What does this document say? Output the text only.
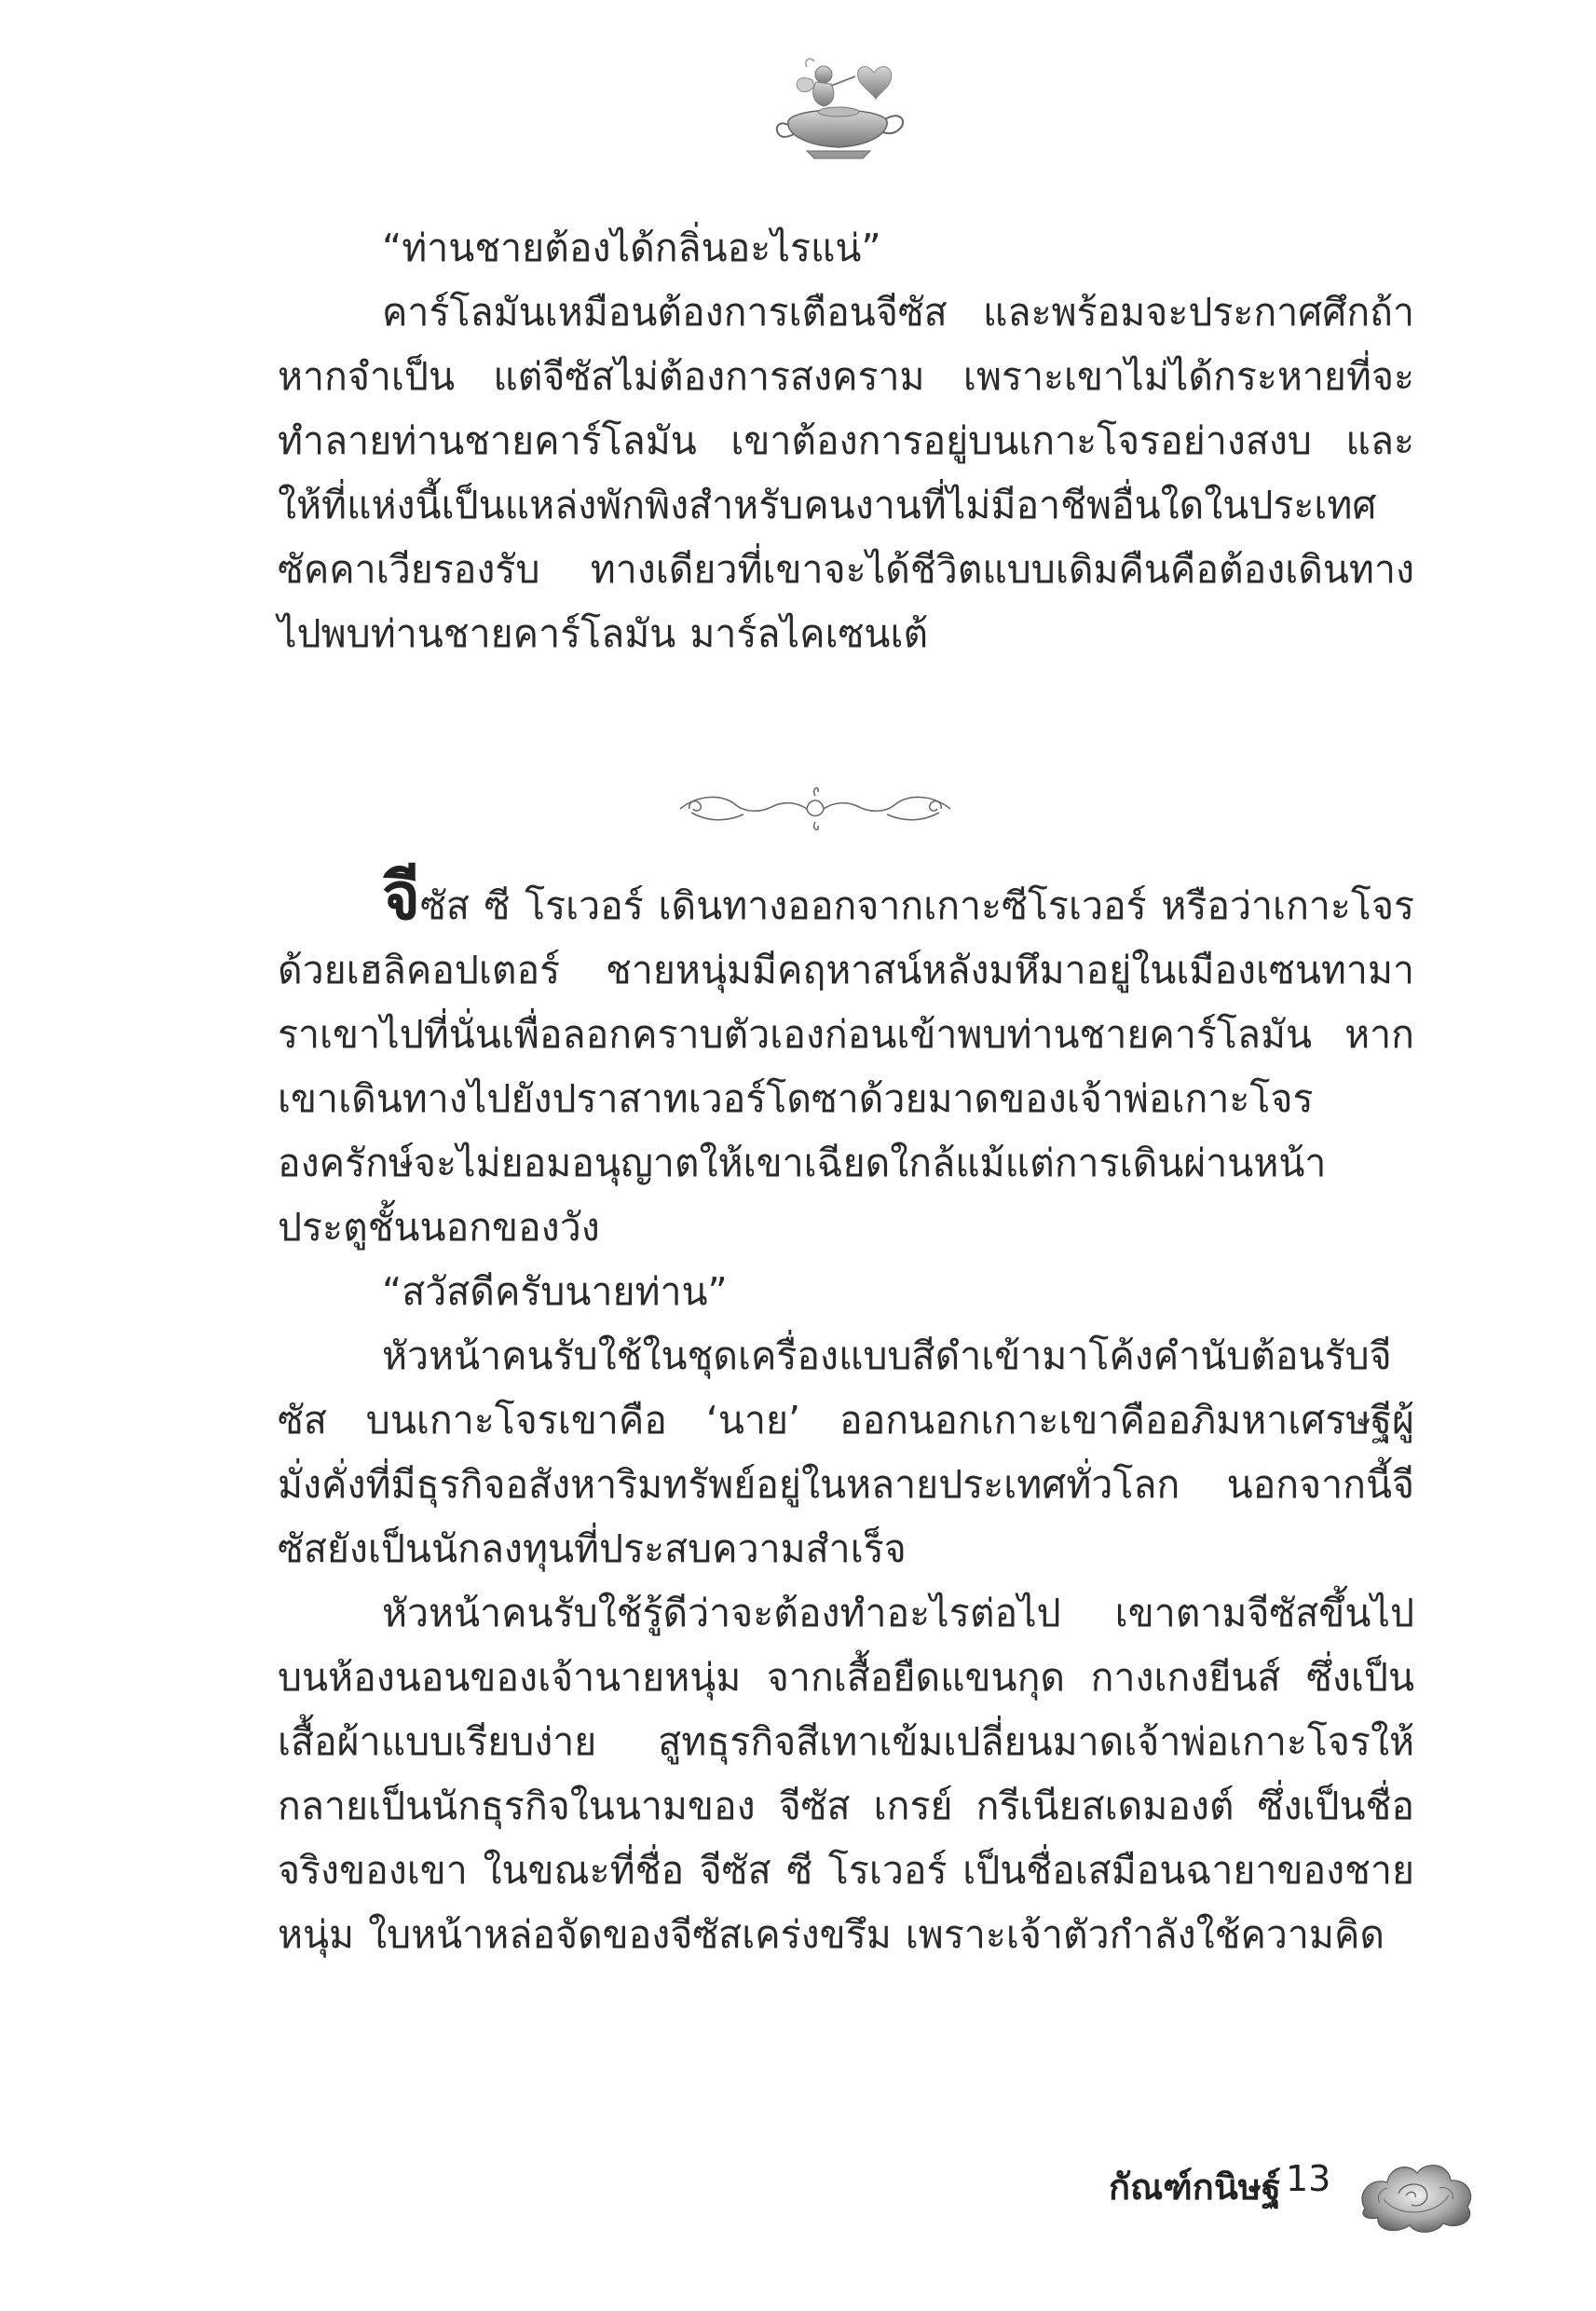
“ท่านชายต้องได้กลิ่นอะไรแน่”

คาร์โลมันเหมือนต้องการเตือนจีซัส และพร้อมจะประกาศศึกถ้าหากจำเป็น แต่จีซัสไม่ต้องการสงคราม เพราะเขาไม่ได้กระหายที่จะทำลายท่านชายคาร์โลมัน เขาต้องการอยู่บนเกาะโจรอย่างสงบ และให้ที่แห่งนี้เป็นแหล่งพักพิงสำหรับคนงานที่ไม่มีอาชีพอื่นใดในประเทศซัคคาเวียรองรับ ทางเดียวที่เขาจะได้ชีวิตแบบเดิมคืนคือต้องเดินทางไปพบท่านชายคาร์โลมัน มาร์ลไคเซนเต้

จีซัส ซี โรเวอร์ เดินทางออกจากเกาะซีโรเวอร์ หรือว่าเกาะโจรด้วยเฮลิคอปเตอร์ ชายหนุ่มมีคฤหาสน์หลังมหึมาอยู่ในเมืองเซนทามาราเขาไปที่นั่นเพื่อลอกคราบตัวเองก่อนเข้าพบท่านชายคาร์โลมัน หากเขาเดินทางไปยังปราสาทเวอร์โดซาด้วยมาดของเจ้าพ่อเกาะโจร องครักษ์จะไม่ยอมอนุญาตให้เขาเฉียดใกล้แม้แต่การเดินผ่านหน้าประตูชั้นนอกของวัง

“สวัสดีครับนายท่าน”

หัวหน้าคนรับใช้ในชุดเครื่องแบบสีดำเข้ามาโค้งคำนับต้อนรับจีซัส บนเกาะโจรเขาคือ ‘นาย’ ออกนอกเกาะเขาคืออภิมหาเศรษฐีผู้มั่งคั่งที่มีธุรกิจอสังหาริมทรัพย์อยู่ในหลายประเทศทั่วโลก นอกจากนี้จีซัสยังเป็นนักลงทุนที่ประสบความสำเร็จ

หัวหน้าคนรับใช้รู้ดีว่าจะต้องทำอะไรต่อไป เขาตามจีซัสขึ้นไปบนห้องนอนของเจ้านายหนุ่ม จากเสื้อยืดแขนกุด กางเกงยีนส์ ซึ่งเป็นเสื้อผ้าแบบเรียบง่าย สูทธุรกิจสีเทาเข้มเปลี่ยนมาดเจ้าพ่อเกาะโจรให้กลายเป็นนักธุรกิจในนามของ จีซัส เกรย์ กรีเนียสเดมองต์ ซึ่งเป็นชื่อจริงของเขา ในขณะที่ชื่อ จีซัส ซี โรเวอร์ เป็นชื่อเสมือนฉายาของชายหนุ่ม ใบหน้าหล่อจัดของจีซัสเคร่งขรึม เพราะเจ้าตัวกำลังใช้ความคิด

กัณฑ์กนิษฐ์ 13
